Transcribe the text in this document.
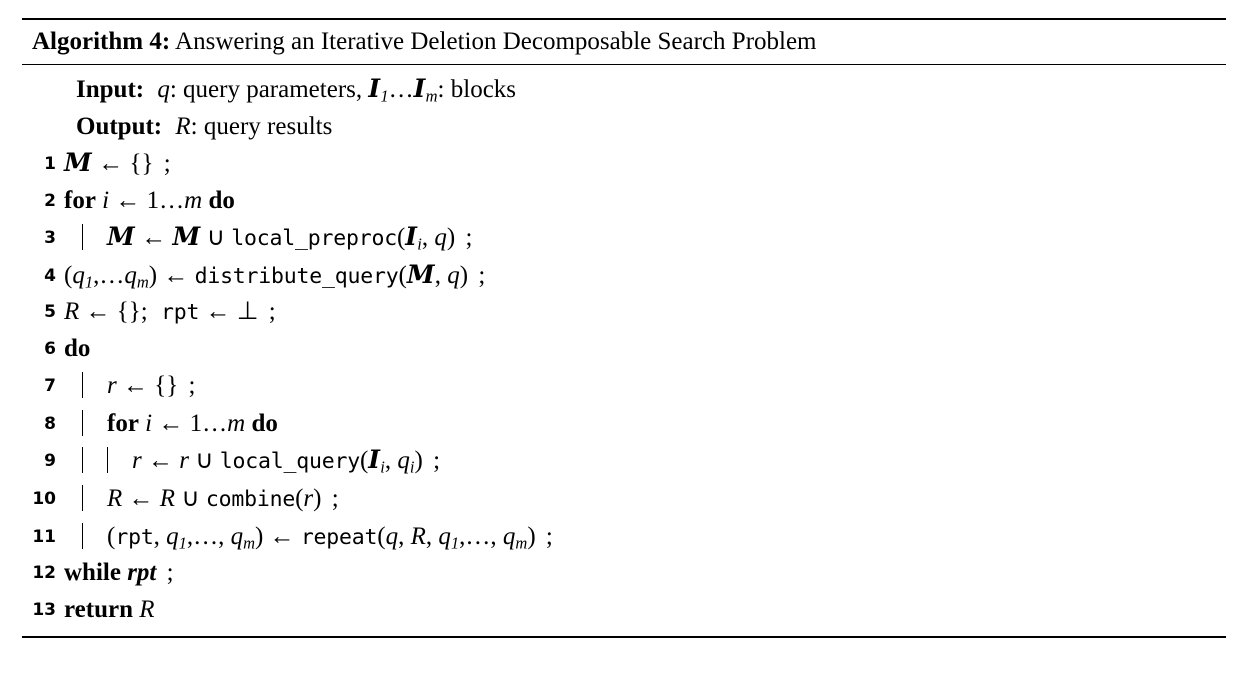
Algorithm 4: Answering an Iterative Deletion Decomposable Search Problem
Input: q: query parameters, $I_1\dots I_m$: blocks
Output: R: query results
1 M ← {} ;
2 for i ← 1…m do
3	M ← M ∪ $local\_preproc(I_i$, q) ;
4 $(q_1,\dots q_m)$ ← distribute_query(M, q) ;
5 R ← {}; rpt ← ⊥ ;
6 do
7	r ← {} ;
8	for i ← 1…m do
9	r ← r ∪ $local\_query(I_i$, $q_i$) ;
10	R ← R ∪ combine(r) ;
11	(rpt, $q_1,\dots$, $q_m$) ← repeat(q, R, $q_1,\dots$, $q_m$) ;
12 while rpt ;
13 return R
